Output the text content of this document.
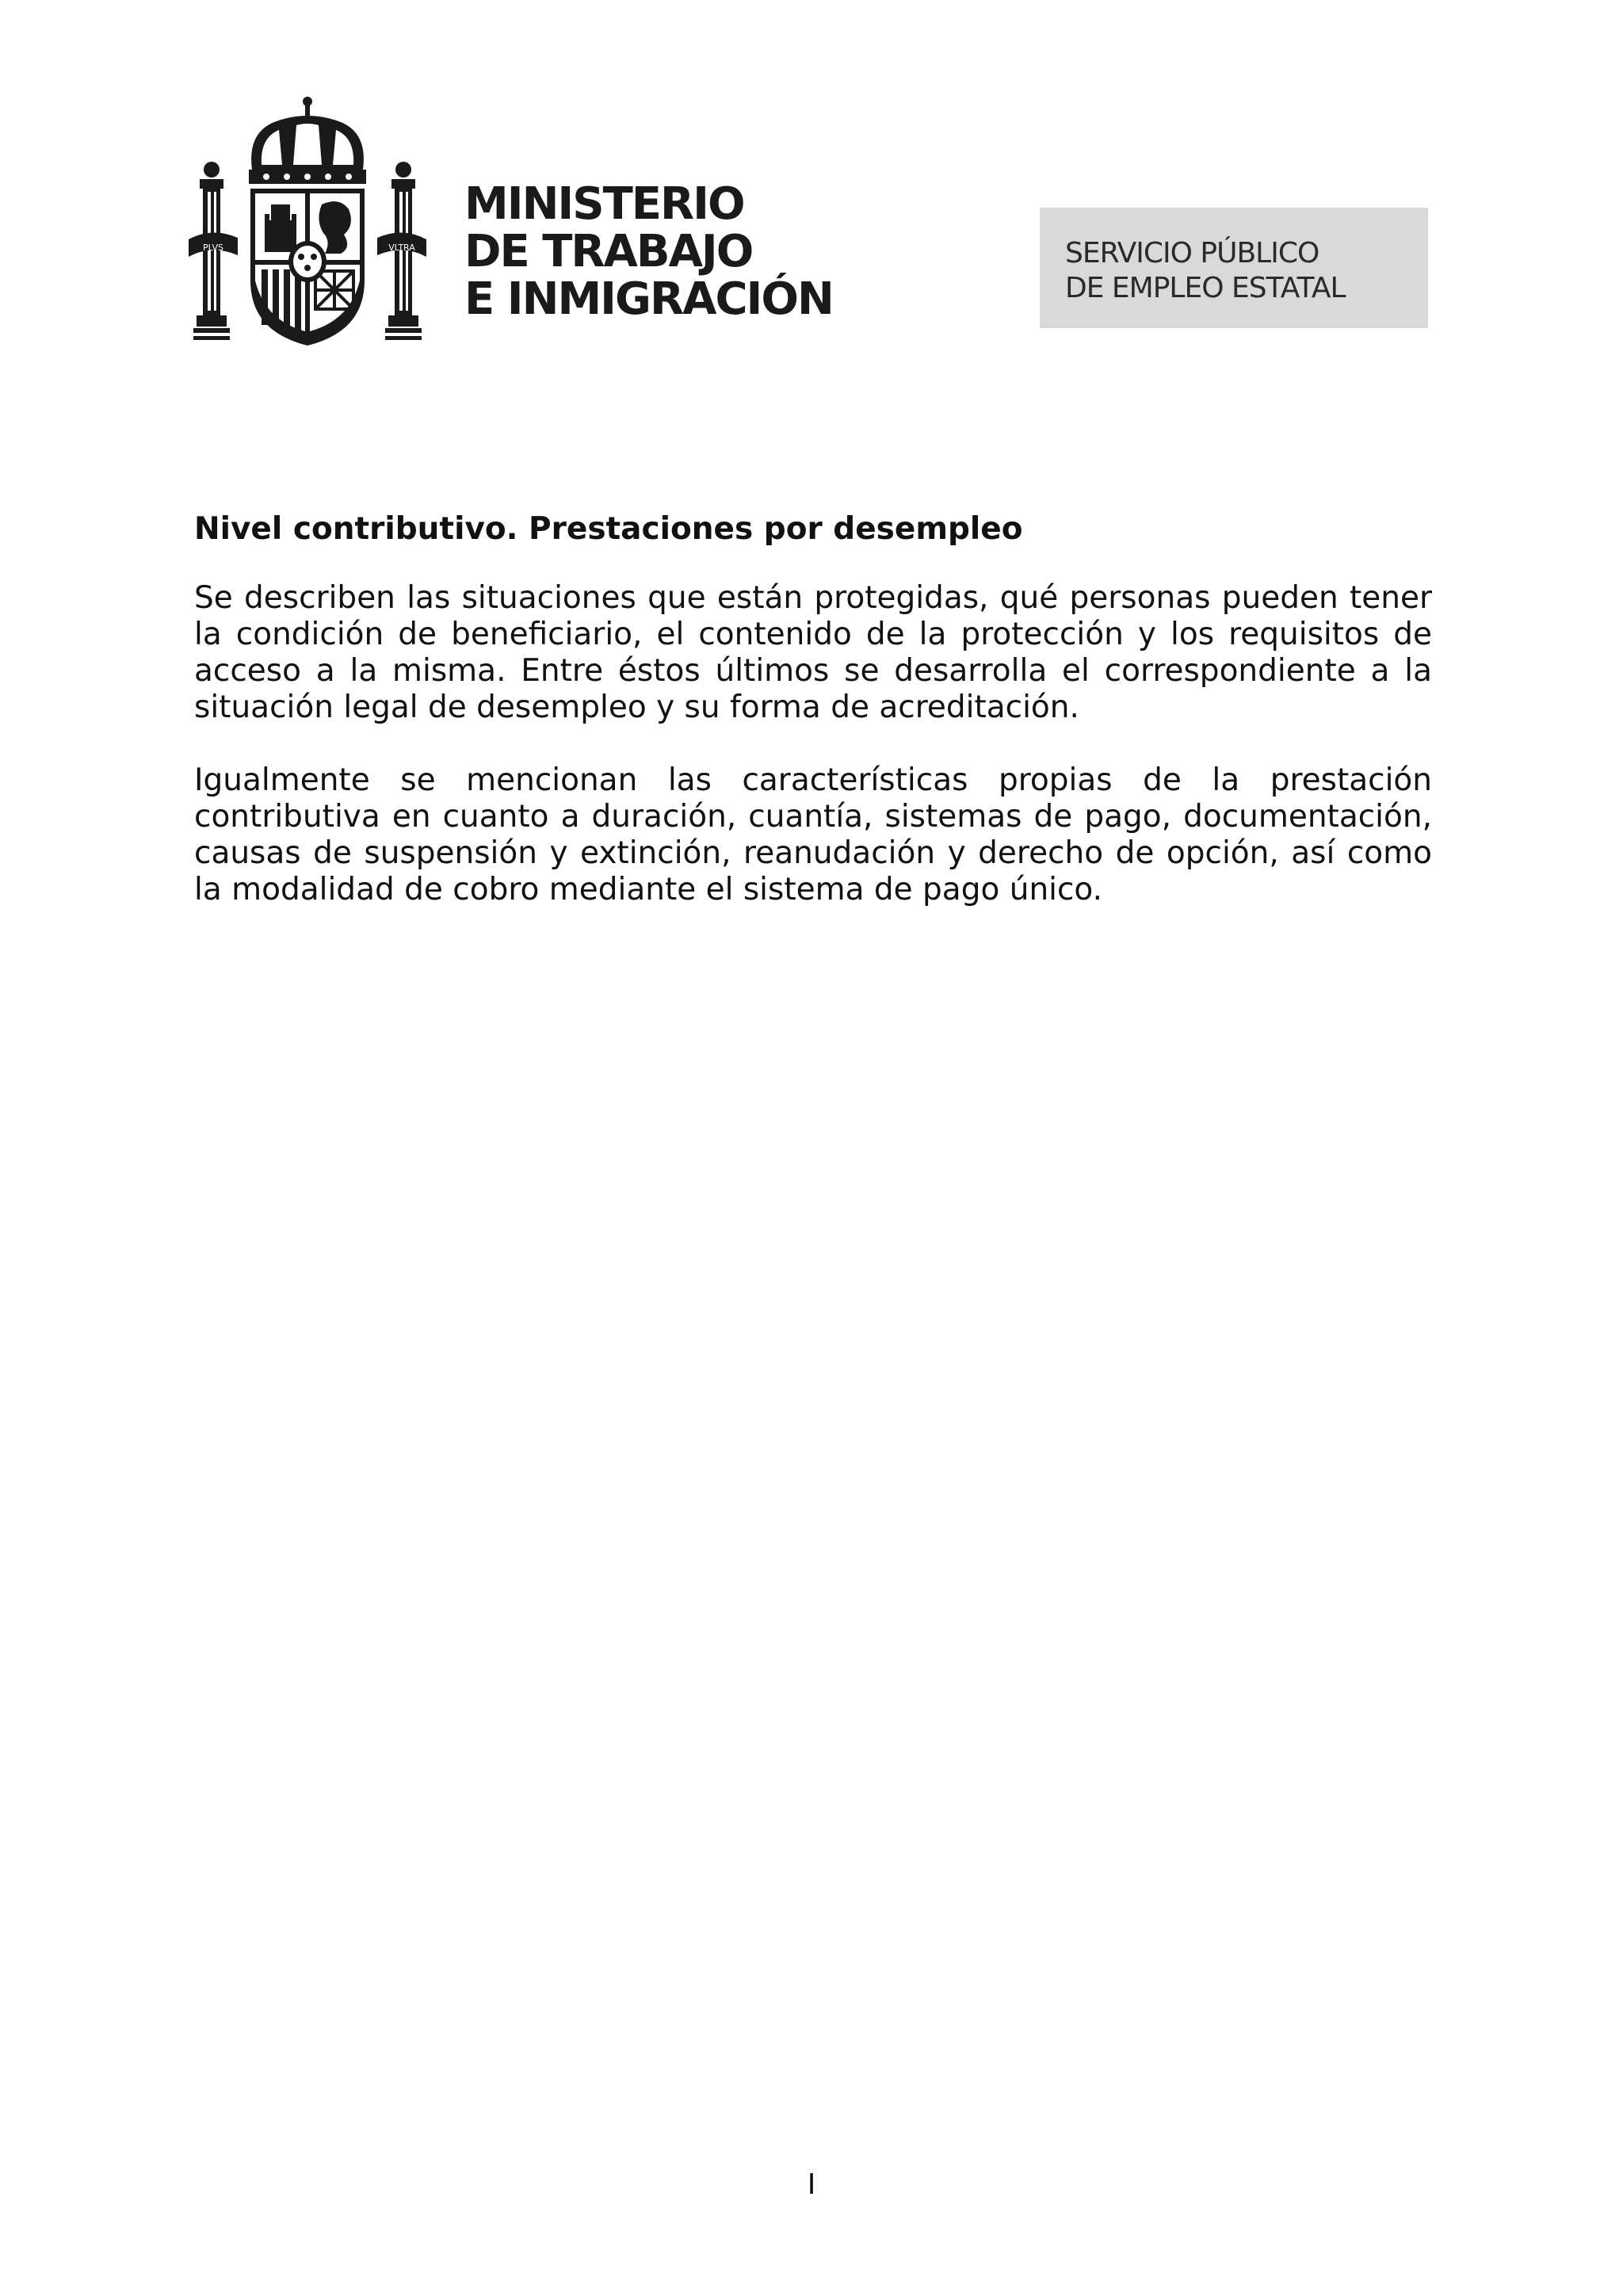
PLVS	VLTRA
MINISTERIO
DE TRABAJO
E INMIGRACIÓN
SERVICIO PÚBLICO
DE EMPLEO ESTATAL
Nivel contributivo. Prestaciones por desempleo

Se describen las situaciones que están protegidas, qué personas pueden tener la condición de beneficiario, el contenido de la protección y los requisitos de acceso a la misma. Entre éstos últimos se desarrolla el correspondiente a la situación legal de desempleo y su forma de acreditación.

Igualmente se mencionan las características propias de la prestación contributiva en cuanto a duración, cuantía, sistemas de pago, documentación, causas de suspensión y extinción, reanudación y derecho de opción, así como la modalidad de cobro mediante el sistema de pago único.

I
